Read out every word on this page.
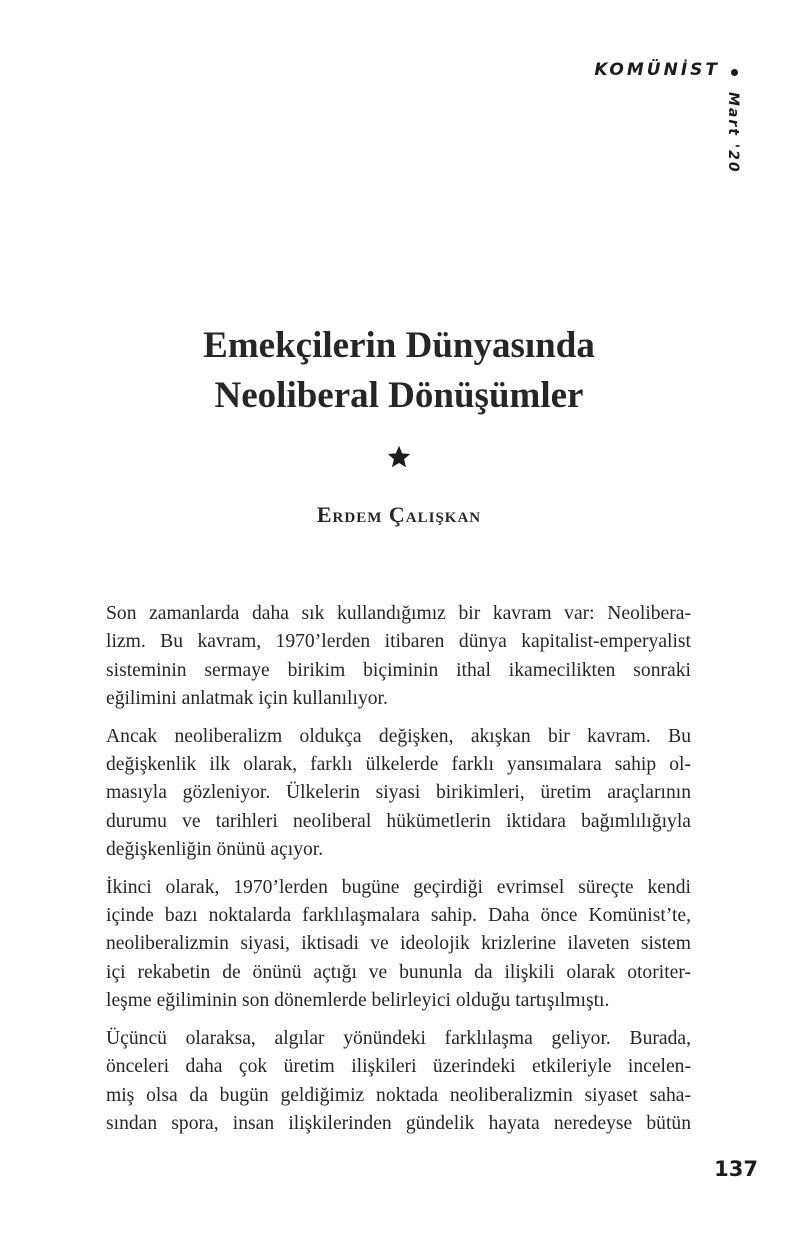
KOMÜNİST
Mart '20
Emekçilerin Dünyasında
Neoliberal Dönüşümler
Erdem Çalışkan

Son zamanlarda daha sık kullandığımız bir kavram var: Neolibera-
lizm. Bu kavram, 1970’lerden itibaren dünya kapitalist-emperyalist
sisteminin sermaye birikim biçiminin ithal ikamecilikten sonraki
eğilimini anlatmak için kullanılıyor.

Ancak neoliberalizm oldukça değişken, akışkan bir kavram. Bu
değişkenlik ilk olarak, farklı ülkelerde farklı yansımalara sahip ol-
masıyla gözleniyor. Ülkelerin siyasi birikimleri, üretim araçlarının
durumu ve tarihleri neoliberal hükümetlerin iktidara bağımlılığıyla
değişkenliğin önünü açıyor.

İkinci olarak, 1970’lerden bugüne geçirdiği evrimsel süreçte kendi
içinde bazı noktalarda farklılaşmalara sahip. Daha önce Komünist’te,
neoliberalizmin siyasi, iktisadi ve ideolojik krizlerine ilaveten sistem
içi rekabetin de önünü açtığı ve bununla da ilişkili olarak otoriter-
leşme eğiliminin son dönemlerde belirleyici olduğu tartışılmıştı.

Üçüncü olaraksa, algılar yönündeki farklılaşma geliyor. Burada,
önceleri daha çok üretim ilişkileri üzerindeki etkileriyle incelen-
miş olsa da bugün geldiğimiz noktada neoliberalizmin siyaset saha-
sından spora, insan ilişkilerinden gündelik hayata neredeyse bütün

137
